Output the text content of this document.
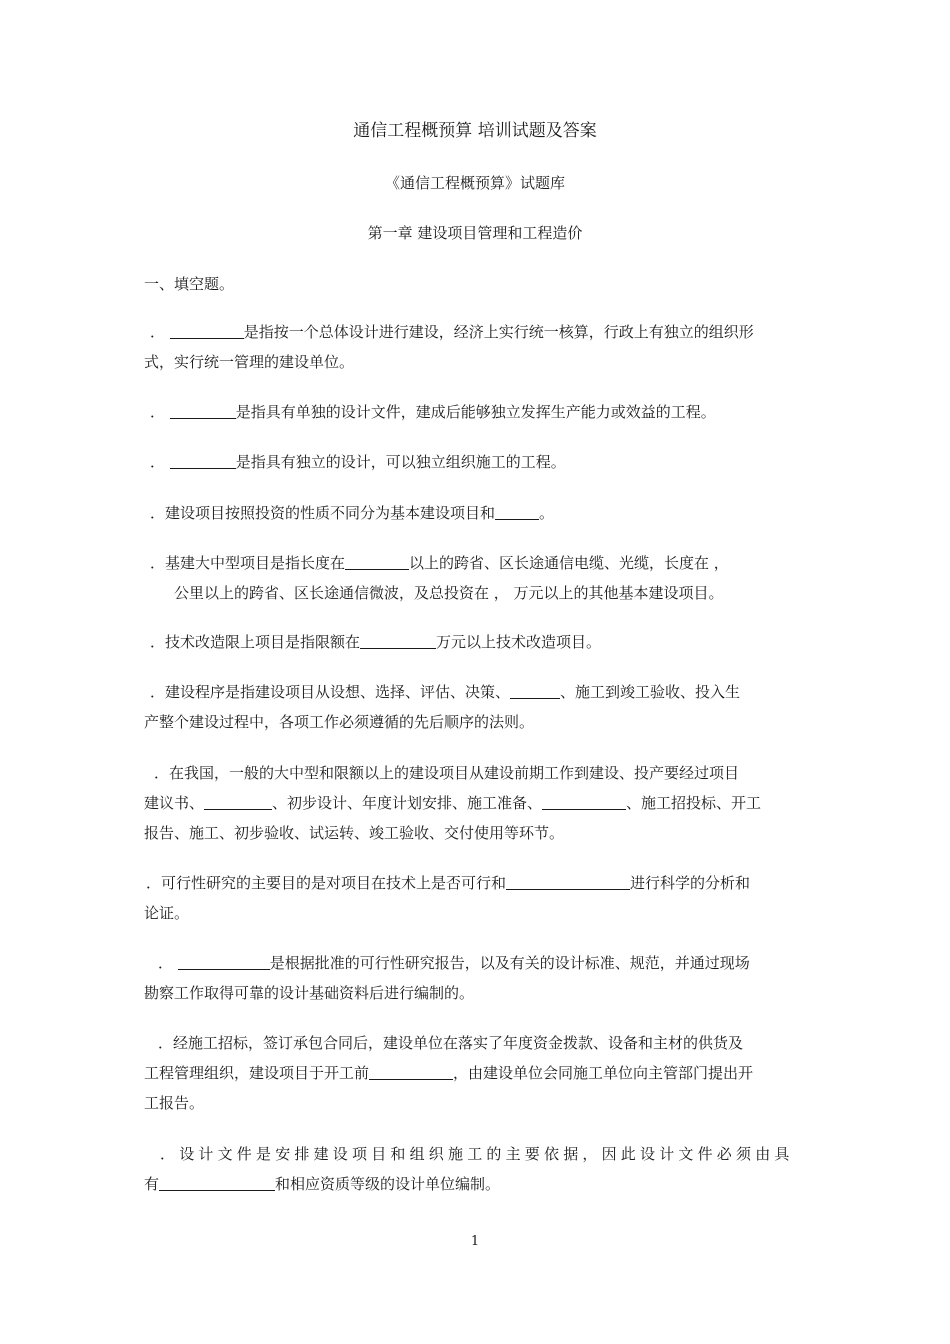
通信工程概预算 培训试题及答案
《通信工程概预算》试题库
第一章 建设项目管理和工程造价
一、填空题。
．	是指按一个总体设计进行建设，经济上实行统一核算，行政上有独立的组织形
式，实行统一管理的建设单位。
．	是指具有单独的设计文件，建成后能够独立发挥生产能力或效益的工程。
．	是指具有独立的设计，可以独立组织施工的工程。
．建设项目按照投资的性质不同分为基本建设项目和	。
．基建大中型项目是指长度在	以上的跨省、区长途通信电缆、光缆，长度在 ，
公里以上的跨省、区长途通信微波，及总投资在 ， 万元以上的其他基本建设项目。
．技术改造限上项目是指限额在	万元以上技术改造项目。
．建设程序是指建设项目从设想、选择、评估、决策、	、施工到竣工验收、投入生
产整个建设过程中，各项工作必须遵循的先后顺序的法则。
．在我国，一般的大中型和限额以上的建设项目从建设前期工作到建设、投产要经过项目
建议书、	、初步设计、年度计划安排、施工准备、	、施工招投标、开工
报告、施工、初步验收、试运转、竣工验收、交付使用等环节。
．可行性研究的主要目的是对项目在技术上是否可行和	进行科学的分析和
论证。
．	是根据批准的可行性研究报告，以及有关的设计标准、规范，并通过现场
勘察工作取得可靠的设计基础资料后进行编制的。
．经施工招标，签订承包合同后，建设单位在落实了年度资金拨款、设备和主材的供货及
工程管理组织，建设项目于开工前	，由建设单位会同施工单位向主管部门提出开
工报告。
．设计文件是安排建设项目和组织施工的主要依据，因此设计文件必须由具
有	和相应资质等级的设计单位编制。
1
